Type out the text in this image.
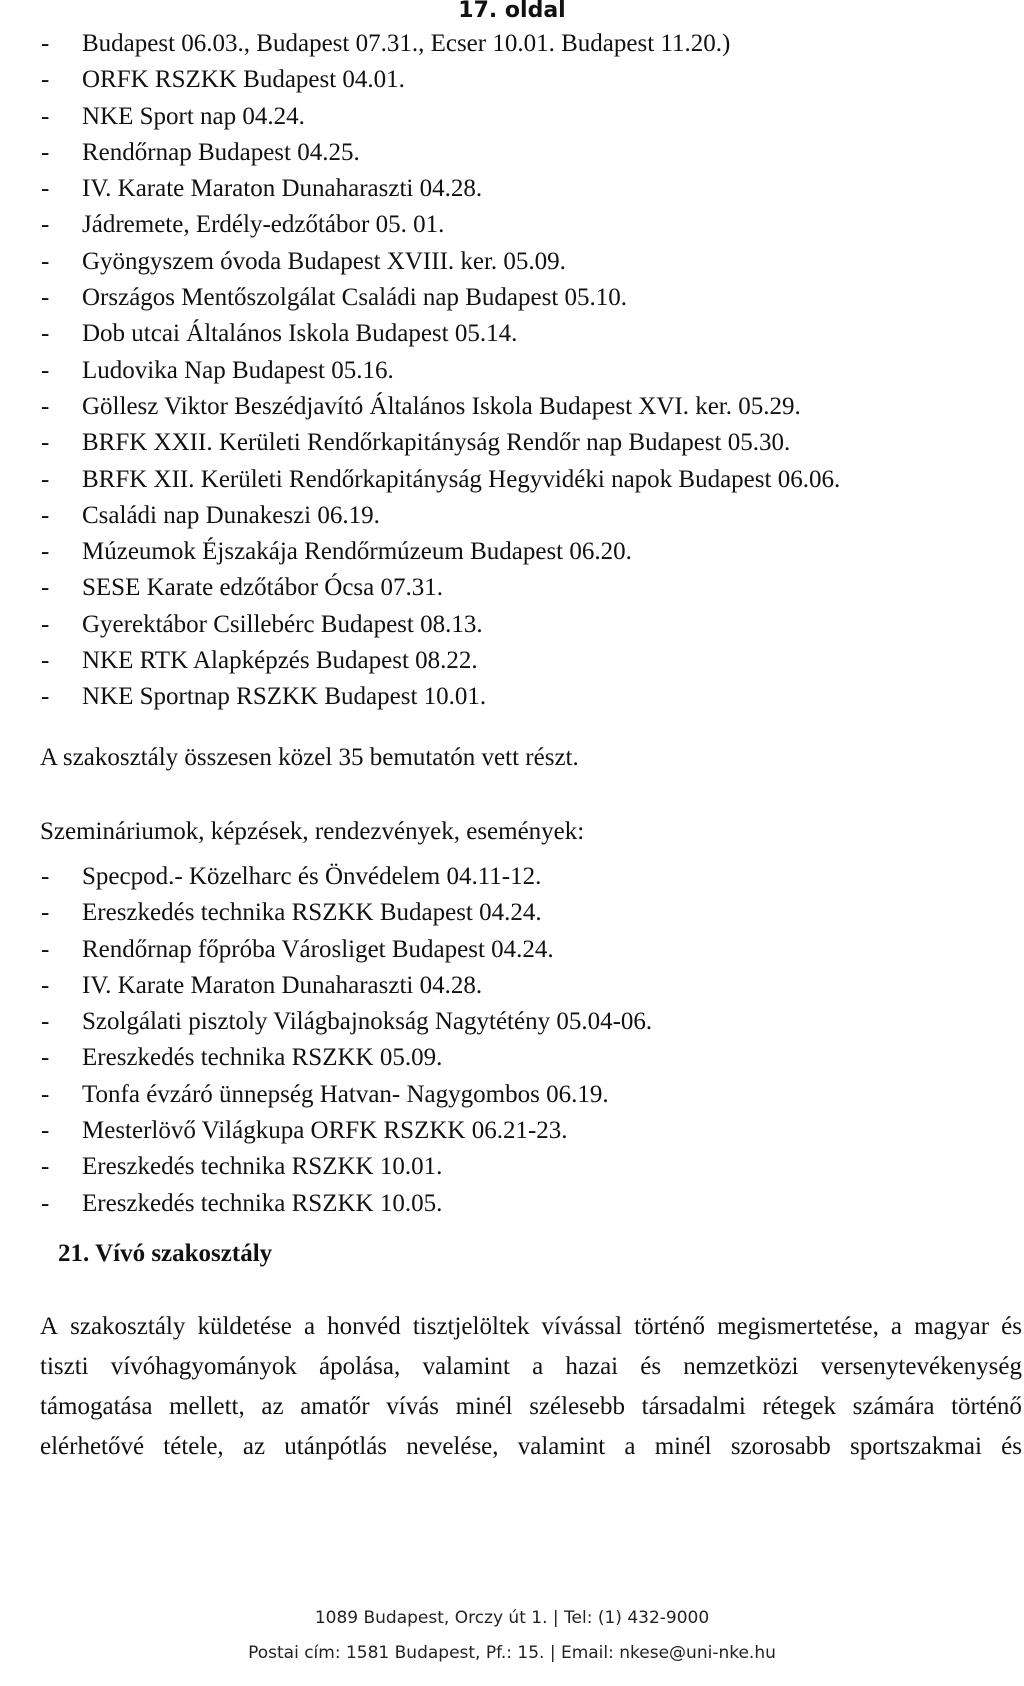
17. oldal
- Budapest 06.03., Budapest 07.31., Ecser 10.01. Budapest 11.20.)
- ORFK RSZKK Budapest 04.01.
- NKE Sport nap 04.24.
- Rendőrnap Budapest 04.25.
- IV. Karate Maraton Dunaharaszti 04.28.
- Jádremete, Erdély-edzőtábor 05. 01.
- Gyöngyszem óvoda Budapest XVIII. ker. 05.09.
- Országos Mentőszolgálat Családi nap Budapest 05.10.
- Dob utcai Általános Iskola Budapest 05.14.
- Ludovika Nap Budapest 05.16.
- Göllesz Viktor Beszédjavító Általános Iskola Budapest XVI. ker. 05.29.
- BRFK XXII. Kerületi Rendőrkapitányság Rendőr nap Budapest 05.30.
- BRFK XII. Kerületi Rendőrkapitányság Hegyvidéki napok Budapest 06.06.
- Családi nap Dunakeszi 06.19.
- Múzeumok Éjszakája Rendőrmúzeum Budapest 06.20.
- SESE Karate edzőtábor Ócsa 07.31.
- Gyerektábor Csillebérc Budapest 08.13.
- NKE RTK Alapképzés Budapest 08.22.
- NKE Sportnap RSZKK Budapest 10.01.
A szakosztály összesen közel 35 bemutatón vett részt.
Szemináriumok, képzések, rendezvények, események:
- Specpod.- Közelharc és Önvédelem 04.11-12.
- Ereszkedés technika RSZKK Budapest 04.24.
- Rendőrnap főpróba Városliget Budapest 04.24.
- IV. Karate Maraton Dunaharaszti 04.28.
- Szolgálati pisztoly Világbajnokság Nagytétény 05.04-06.
- Ereszkedés technika RSZKK 05.09.
- Tonfa évzáró ünnepség Hatvan- Nagygombos 06.19.
- Mesterlövő Világkupa ORFK RSZKK 06.21-23.
- Ereszkedés technika RSZKK 10.01.
- Ereszkedés technika RSZKK 10.05.
21. Vívó szakosztály
A szakosztály küldetése a honvéd tisztjelöltek vívással történő megismertetése, a magyar és
tiszti vívóhagyományok ápolása, valamint a hazai és nemzetközi versenytevékenység
támogatása mellett, az amatőr vívás minél szélesebb társadalmi rétegek számára történő
elérhetővé tétele, az utánpótlás nevelése, valamint a minél szorosabb sportszakmai és
1089 Budapest, Orczy út 1. | Tel: (1) 432-9000
Postai cím: 1581 Budapest, Pf.: 15. | Email: nkese@uni-nke.hu
